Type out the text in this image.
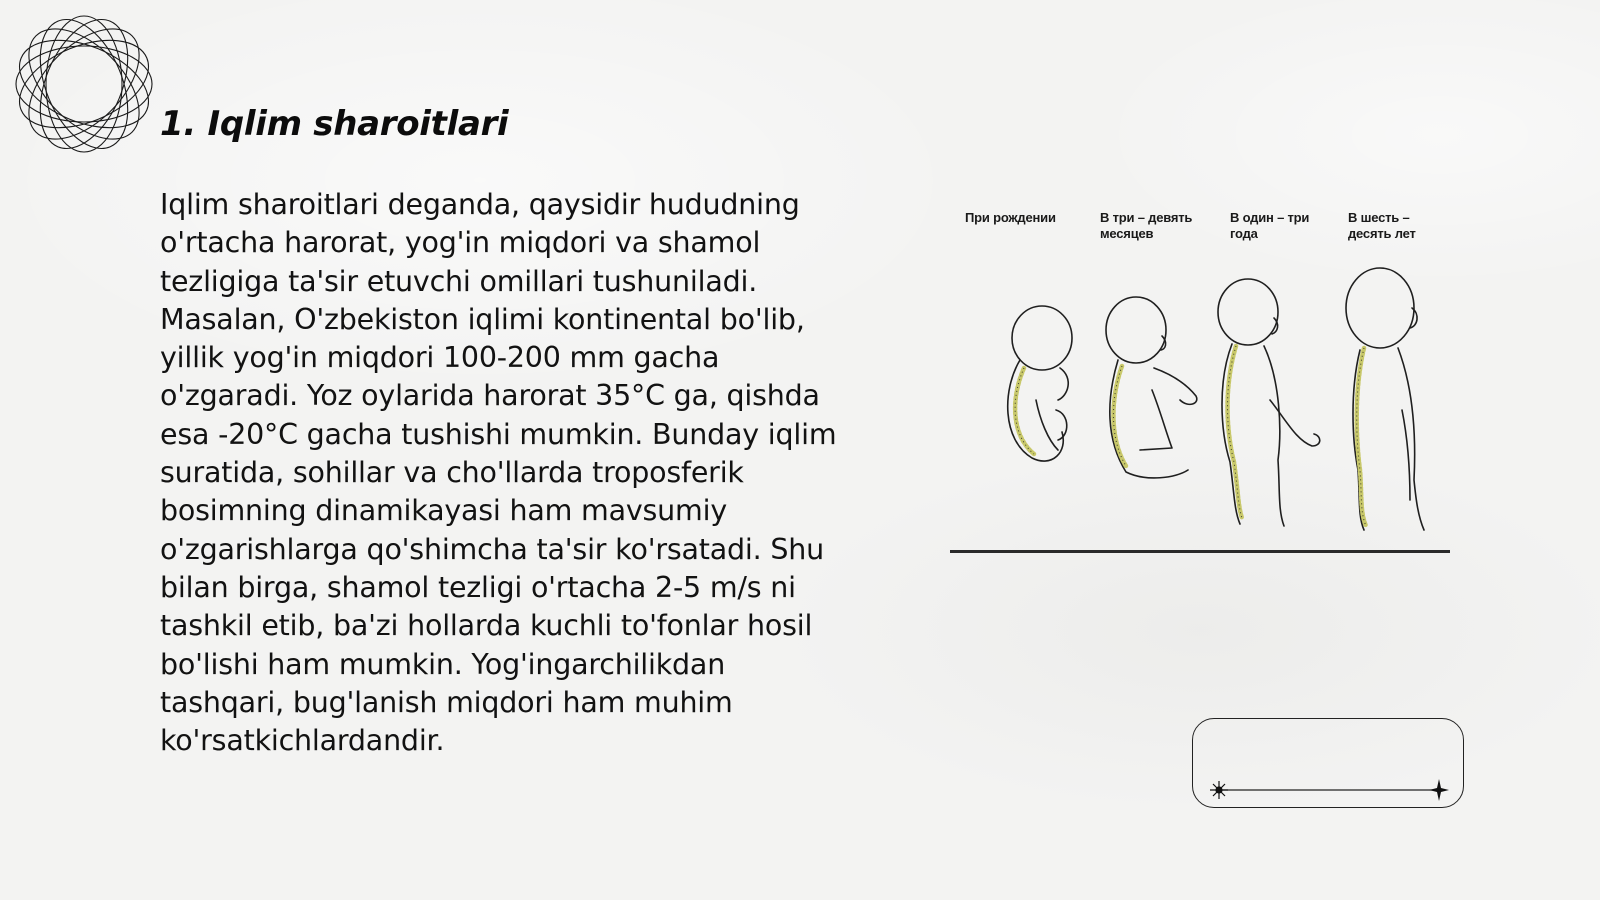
1. Iqlim sharoitlari

Iqlim sharoitlari deganda, qaysidir hududning o'rtacha harorat, yog'in miqdori va shamol tezligiga ta'sir etuvchi omillari tushuniladi. Masalan, O'zbekiston iqlimi kontinental bo'lib, yillik yog'in miqdori 100-200 mm gacha o'zgaradi. Yoz oylarida harorat 35°C ga, qishda esa -20°C gacha tushishi mumkin. Bunday iqlim suratida, sohillar va cho'llarda troposferik bosimning dinamikayasi ham mavsumiy o'zgarishlarga qo'shimcha ta'sir ko'rsatadi. Shu bilan birga, shamol tezligi o'rtacha 2-5 m/s ni tashkil etib, ba'zi hollarda kuchli to'fonlar hosil bo'lishi ham mumkin. Yog'ingarchilikdan tashqari, bug'lanish miqdori ham muhim ko'rsatkichlardandir.

При рождении	В три – девять месяцев
В один – три года
В шесть – десять лет
